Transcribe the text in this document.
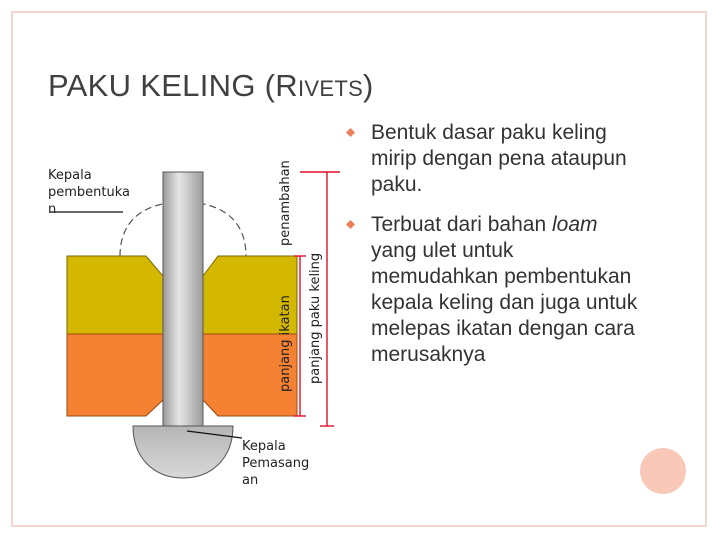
PAKU KELING (RIVETS)
Kepala
pembentuka
n
Kepala
Pemasang
an
penambahan
panjang ikatan panjang paku keling
Bentuk dasar paku keling mirip dengan pena ataupun paku.
Terbuat dari bahan loam yang ulet untuk memudahkan pembentukan kepala keling dan juga untuk melepas ikatan dengan cara merusaknya
